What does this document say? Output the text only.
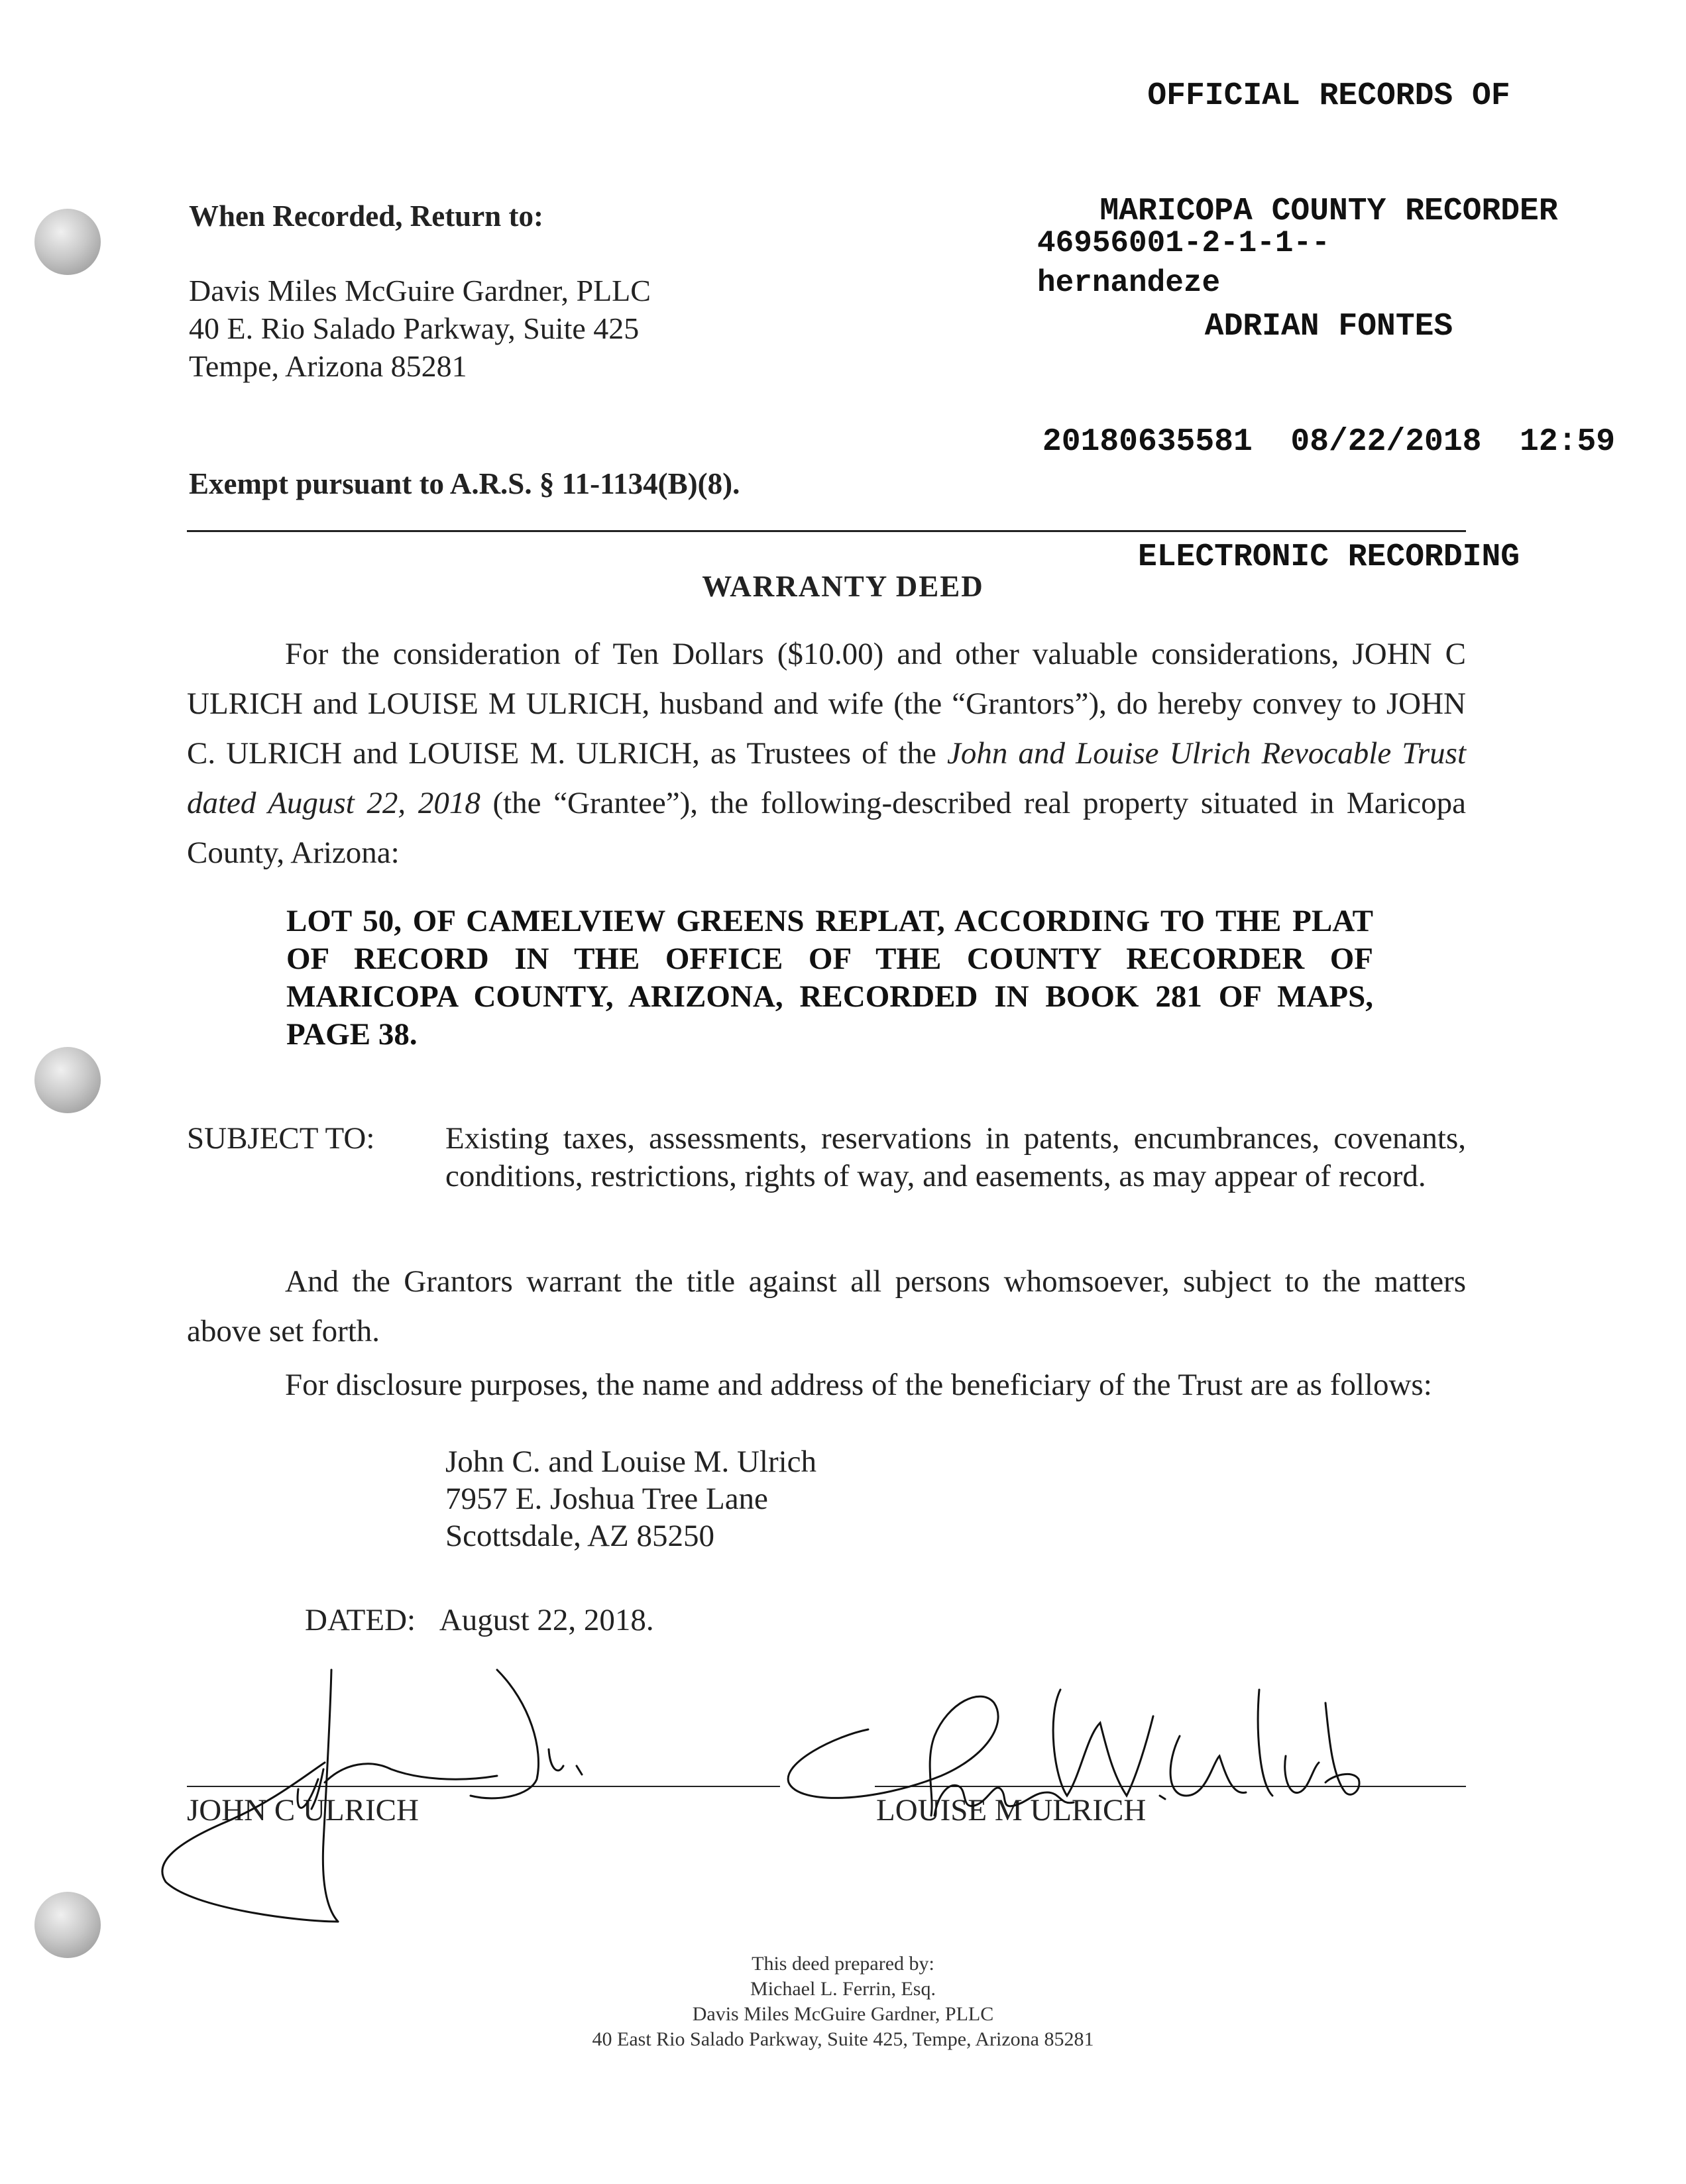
OFFICIAL RECORDS OF

MARICOPA COUNTY RECORDER

ADRIAN FONTES

20180635581  08/22/2018  12:59

ELECTRONIC RECORDING

46956001-2-1-1--
hernandeze
When Recorded, Return to:
Davis Miles McGuire Gardner, PLLC
40 E. Rio Salado Parkway, Suite 425
Tempe, Arizona 85281
Exempt pursuant to A.R.S. § 11-1134(B)(8).
WARRANTY DEED
For the consideration of Ten Dollars ($10.00) and other valuable considerations, JOHN C ULRICH and LOUISE M ULRICH, husband and wife (the “Grantors”), do hereby convey to JOHN C. ULRICH and LOUISE M. ULRICH, as Trustees of the John and Louise Ulrich Revocable Trust dated August 22, 2018 (the “Grantee”), the following-described real property situated in Maricopa County, Arizona:
LOT 50, OF CAMELVIEW GREENS REPLAT, ACCORDING TO THE PLAT OF RECORD IN THE OFFICE OF THE COUNTY RECORDER OF MARICOPA COUNTY, ARIZONA, RECORDED IN BOOK 281 OF MAPS, PAGE 38.
SUBJECT TO: Existing taxes, assessments, reservations in patents, encumbrances, covenants, conditions, restrictions, rights of way, and easements, as may appear of record.
And the Grantors warrant the title against all persons whomsoever, subject to the matters above set forth.
For disclosure purposes, the name and address of the beneficiary of the Trust are as follows:
John C. and Louise M. Ulrich
7957 E. Joshua Tree Lane
Scottsdale, AZ 85250
DATED: August 22, 2018.
JOHN C ULRICH	LOUISE M ULRICH
This deed prepared by:
Michael L. Ferrin, Esq.
Davis Miles McGuire Gardner, PLLC
40 East Rio Salado Parkway, Suite 425, Tempe, Arizona 85281
